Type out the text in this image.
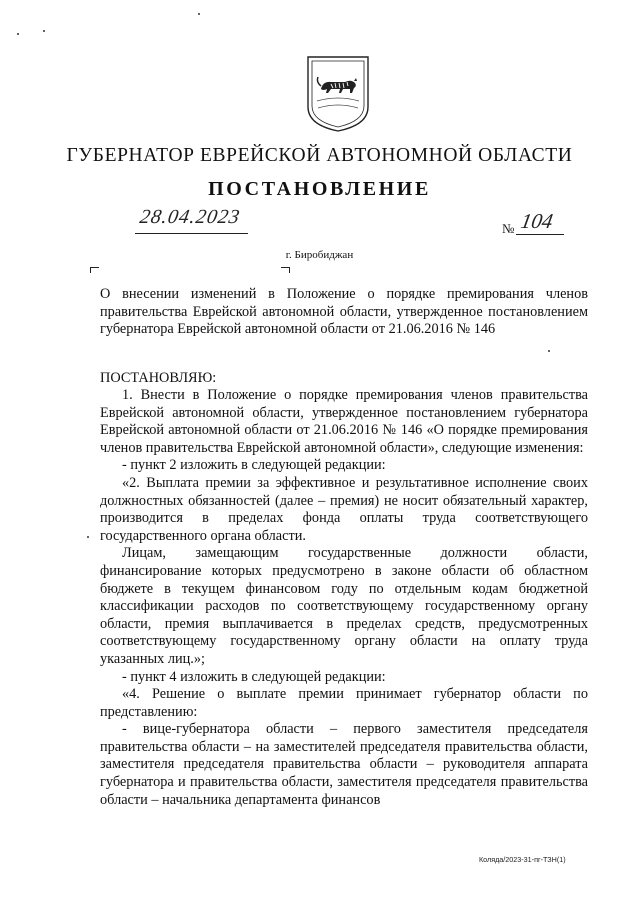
ГУБЕРНАТОР ЕВРЕЙСКОЙ АВТОНОМНОЙ ОБЛАСТИ
ПОСТАНОВЛЕНИЕ
28.04.2023
№ 104
г. Биробиджан
О внесении изменений в Положение о порядке премирования членов правительства Еврейской автономной области, утвержденное постановлением губернатора Еврейской автономной области от 21.06.2016 № 146
ПОСТАНОВЛЯЮ:

1. Внести в Положение о порядке премирования членов правительства Еврейской автономной области, утвержденное постановлением губернатора Еврейской автономной области от 21.06.2016 № 146 «О порядке премирования членов правительства Еврейской автономной области», следующие изменения:

- пункт 2 изложить в следующей редакции:

«2. Выплата премии за эффективное и результативное исполнение своих должностных обязанностей (далее – премия) не носит обязательный характер, производится в пределах фонда оплаты труда соответствующего государственного органа области.

Лицам, замещающим государственные должности области, финансирование которых предусмотрено в законе области об областном бюджете в текущем финансовом году по отдельным кодам бюджетной классификации расходов по соответствующему государственному органу области, премия выплачивается в пределах средств, предусмотренных соответствующему государственному органу области на оплату труда указанных лиц.»;

- пункт 4 изложить в следующей редакции:

«4. Решение о выплате премии принимает губернатор области по представлению:

- вице-губернатора области – первого заместителя председателя правительства области – на заместителей председателя правительства области, заместителя председателя правительства области – руководителя аппарата губернатора и правительства области, заместителя председателя правительства области – начальника департамента финансов

Коляда/2023-31-пг-ТЗН(1)
